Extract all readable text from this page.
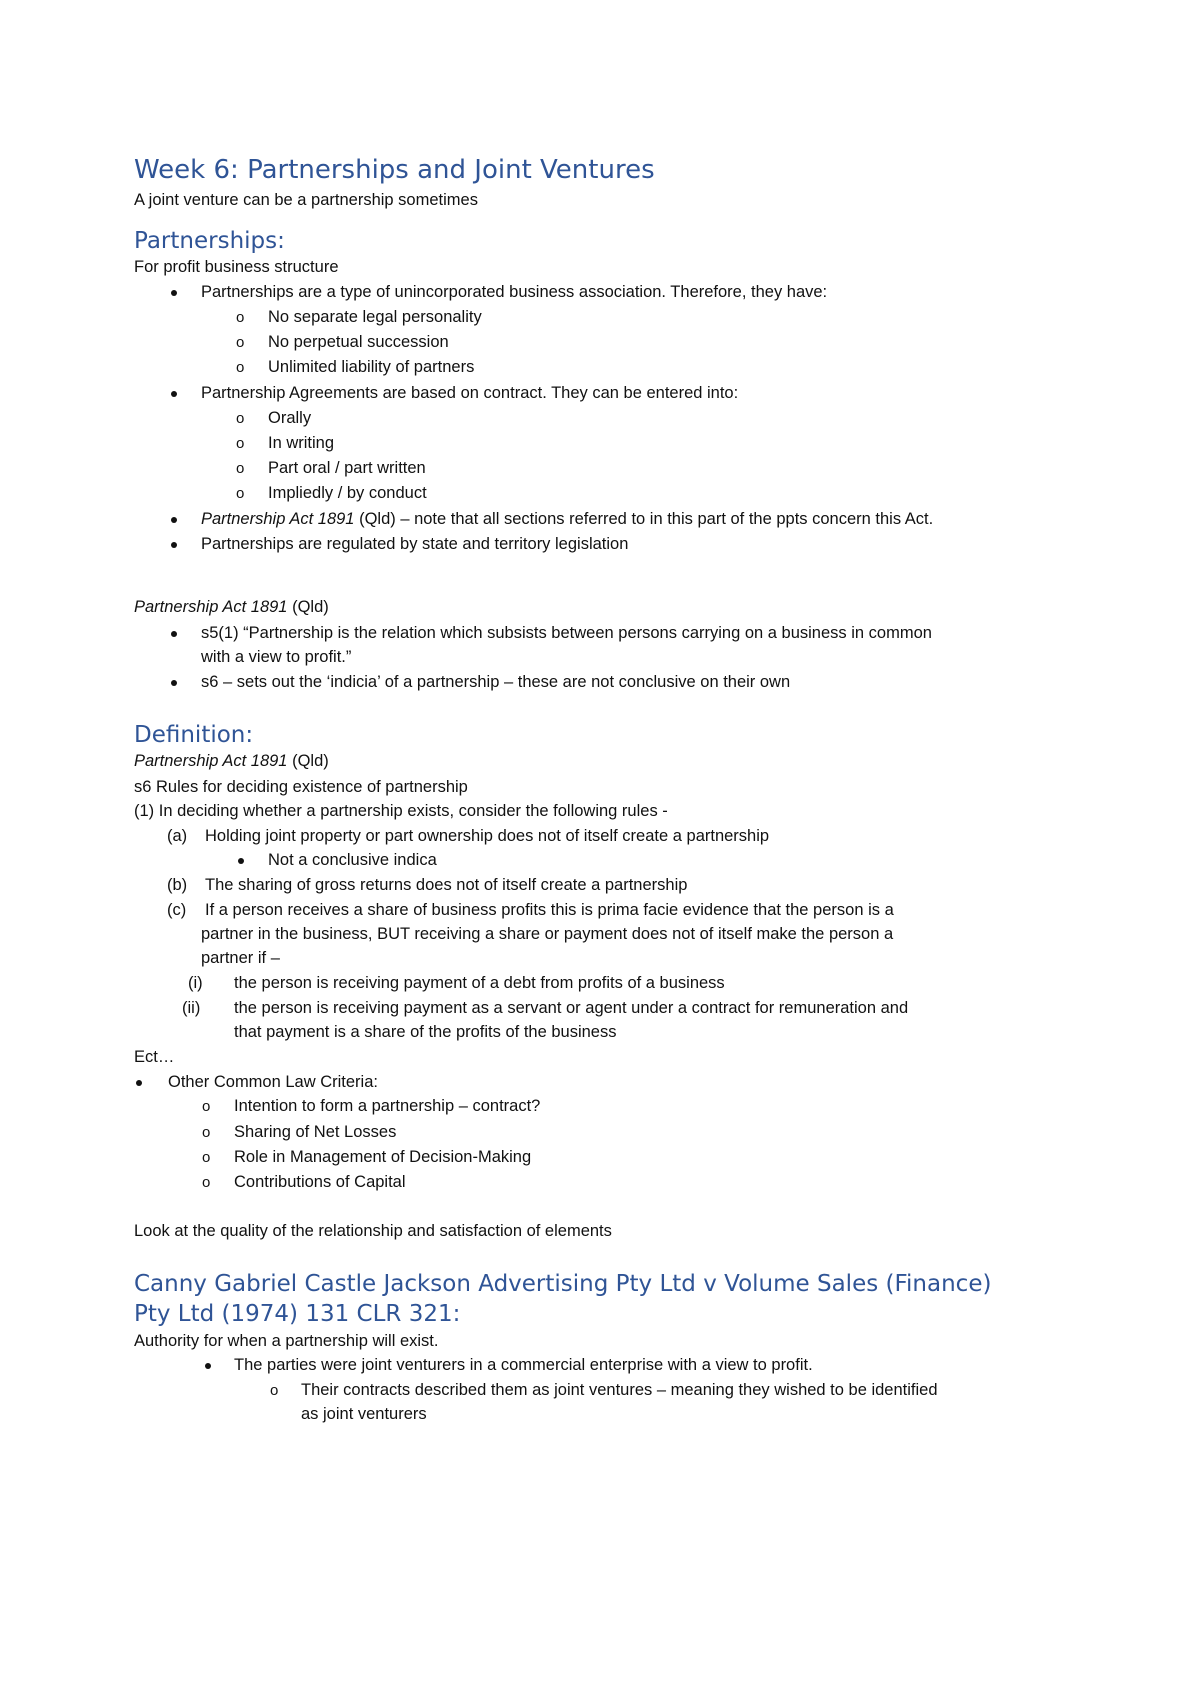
Week 6: Partnerships and Joint Ventures
A joint venture can be a partnership sometimes
Partnerships:
For profit business structure
Partnerships are a type of unincorporated business association. Therefore, they have:
o No separate legal personality
o No perpetual succession
o Unlimited liability of partners
Partnership Agreements are based on contract. They can be entered into:
o Orally
o In writing
o Part oral / part written
o Impliedly / by conduct
Partnership Act 1891 (Qld) – note that all sections referred to in this part of the ppts concern this Act.
Partnerships are regulated by state and territory legislation
Partnership Act 1891 (Qld)
s5(1) “Partnership is the relation which subsists between persons carrying on a business in common
with a view to profit.”
s6 – sets out the ‘indicia’ of a partnership – these are not conclusive on their own
Definition:
Partnership Act 1891 (Qld)
s6 Rules for deciding existence of partnership
(1) In deciding whether a partnership exists, consider the following rules -
(a) Holding joint property or part ownership does not of itself create a partnership
Not a conclusive indica
(b) The sharing of gross returns does not of itself create a partnership
(c) If a person receives a share of business profits this is prima facie evidence that the person is a
partner in the business, BUT receiving a share or payment does not of itself make the person a
partner if –
(i) the person is receiving payment of a debt from profits of a business
(ii) the person is receiving payment as a servant or agent under a contract for remuneration and
that payment is a share of the profits of the business
Ect…
Other Common Law Criteria:
o Intention to form a partnership – contract?
o Sharing of Net Losses
o Role in Management of Decision-Making
o Contributions of Capital
Look at the quality of the relationship and satisfaction of elements
Canny Gabriel Castle Jackson Advertising Pty Ltd v Volume Sales (Finance)
Pty Ltd (1974) 131 CLR 321:
Authority for when a partnership will exist.
The parties were joint venturers in a commercial enterprise with a view to profit.
o Their contracts described them as joint ventures – meaning they wished to be identified
as joint venturers
